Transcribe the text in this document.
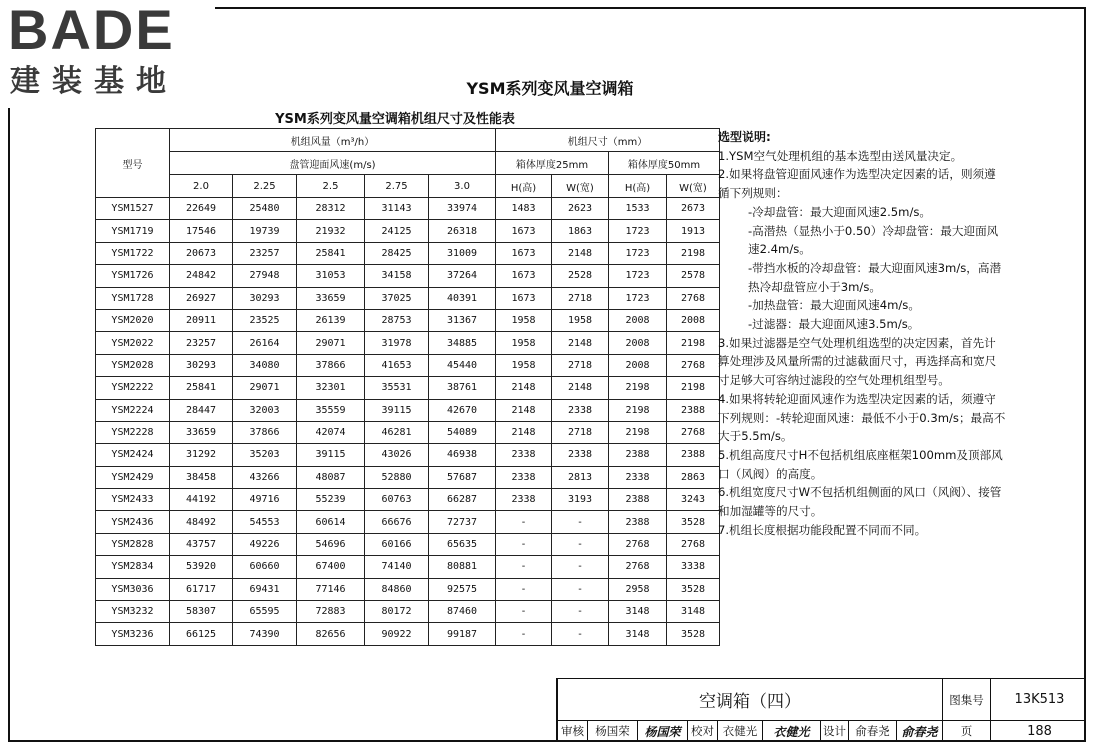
BADE
建装基地	YSM系列变风量空调箱
YSM系列变风量空调箱机组尺寸及性能表
型号	机组风量（m³/h）					机组尺寸（mm）			
	盘管迎面风速(m/s)					箱体厚度25mm		箱体厚度50mm	
	2.0	2.25	2.5	2.75	3.0	H(高)	W(宽)	H(高)	W(宽)
YSM1527	22649	25480	28312	31143	33974	1483	2623	1533	2673
YSM1719	17546	19739	21932	24125	26318	1673	1863	1723	1913
YSM1722	20673	23257	25841	28425	31009	1673	2148	1723	2198
YSM1726	24842	27948	31053	34158	37264	1673	2528	1723	2578
YSM1728	26927	30293	33659	37025	40391	1673	2718	1723	2768
YSM2020	20911	23525	26139	28753	31367	1958	1958	2008	2008
YSM2022	23257	26164	29071	31978	34885	1958	2148	2008	2198
YSM2028	30293	34080	37866	41653	45440	1958	2718	2008	2768
YSM2222	25841	29071	32301	35531	38761	2148	2148	2198	2198
YSM2224	28447	32003	35559	39115	42670	2148	2338	2198	2388
YSM2228	33659	37866	42074	46281	54089	2148	2718	2198	2768
YSM2424	31292	35203	39115	43026	46938	2338	2338	2388	2388
YSM2429	38458	43266	48087	52880	57687	2338	2813	2338	2863
YSM2433	44192	49716	55239	60763	66287	2338	3193	2388	3243
YSM2436	48492	54553	60614	66676	72737	-	-	2388	3528
YSM2828	43757	49226	54696	60166	65635	-	-	2768	2768
YSM2834	53920	60660	67400	74140	80881	-	-	2768	3338
YSM3036	61717	69431	77146	84860	92575	-	-	2958	3528
YSM3232	58307	65595	72883	80172	87460	-	-	3148	3148
YSM3236	66125	74390	82656	90922	99187	-	-	3148	3528
选型说明:
1.YSM空气处理机组的基本选型由送风量决定。
2.如果将盘管迎面风速作为选型决定因素的话，则须遵循下列规则：
-冷却盘管：最大迎面风速2.5m/s。
-高潜热（显热小于0.50）冷却盘管：最大迎面风速2.4m/s。
-带挡水板的冷却盘管：最大迎面风速3m/s，高潜热冷却盘管应小于3m/s。
-加热盘管：最大迎面风速4m/s。
-过滤器：最大迎面风速3.5m/s。
3.如果过滤器是空气处理机组选型的决定因素，首先计算处理涉及风量所需的过滤截面尺寸，再选择高和宽尺寸足够大可容纳过滤段的空气处理机组型号。
4.如果将转轮迎面风速作为选型决定因素的话，须遵守下列规则：-转轮迎面风速：最低不小于0.3m/s；最高不大于5.5m/s。
5.机组高度尺寸H不包括机组底座框架100mm及顶部风口（风阀）的高度。
6.机组宽度尺寸W不包括机组侧面的风口（风阀）、接管和加湿罐等的尺寸。
7.机组长度根据功能段配置不同而不同。
空调箱（四）	图集号	13K513
审核 杨国荣	杨国荣 校对 衣健光	衣健光	设计 俞春尧 俞春尧	页	188
